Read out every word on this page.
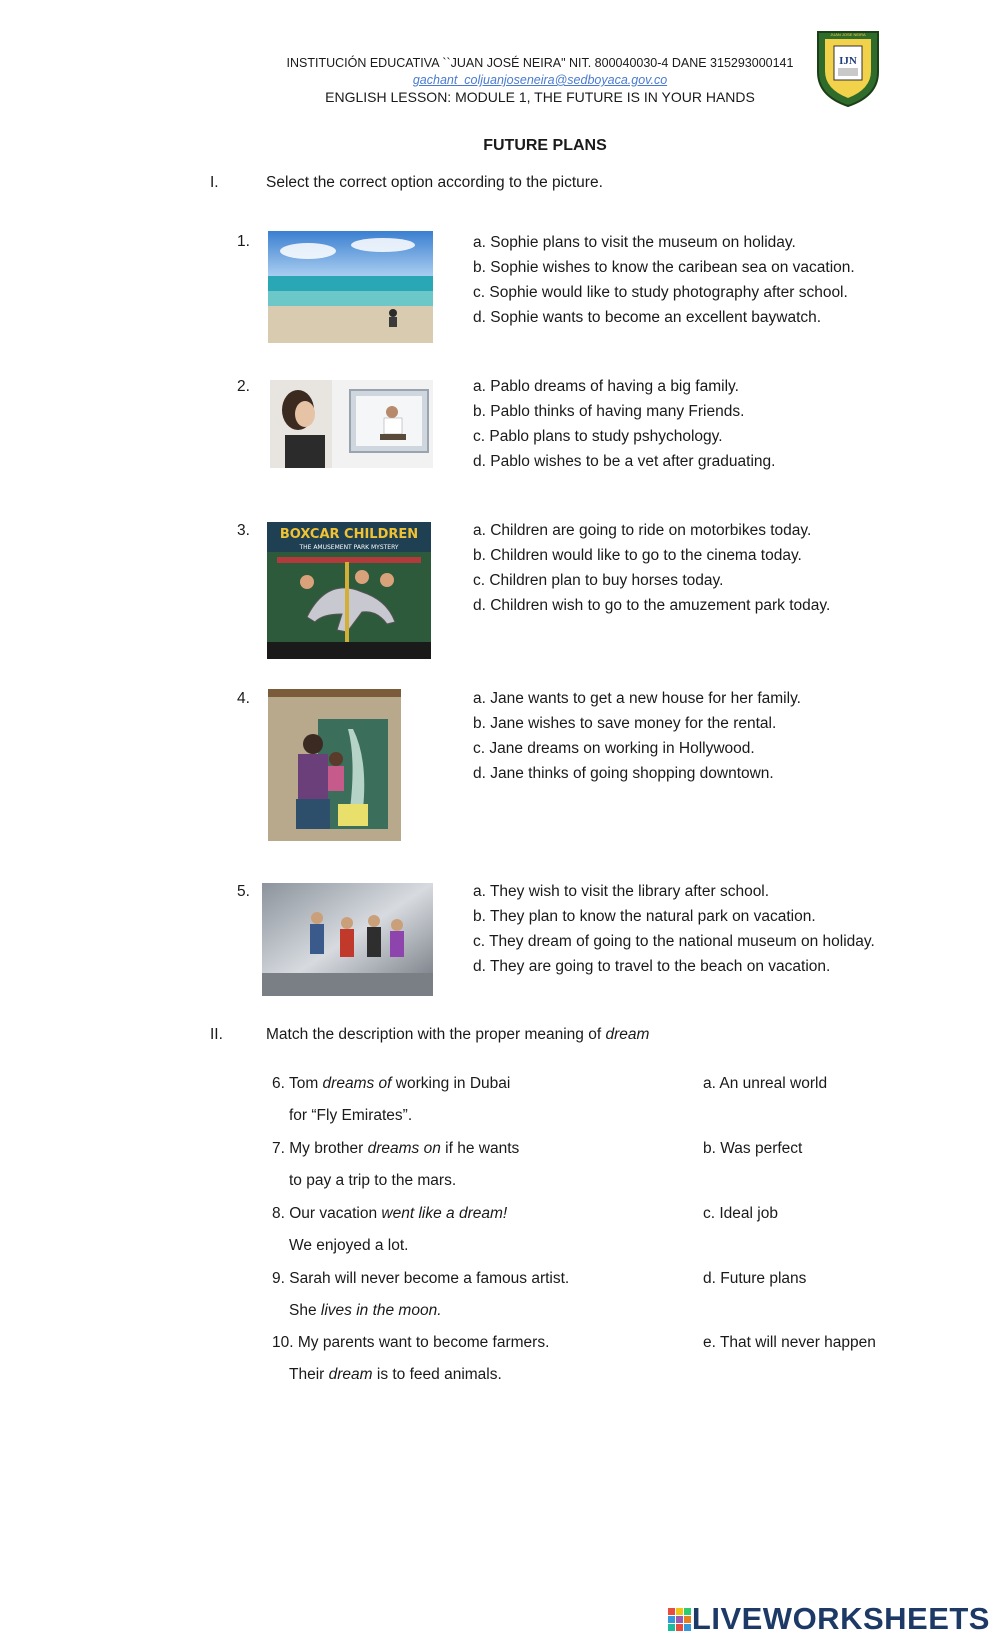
INSTITUCIÓN EDUCATIVA ``JUAN JOSÉ NEIRA" NIT. 800040030-4 DANE 315293000141
gachant_coljuanjoseneira@sedboyaca.gov.co
ENGLISH LESSON: MODULE 1, THE FUTURE IS IN YOUR HANDS
IJN
JUAN JOSE NEIRA
FUTURE PLANS
I.	Select the correct option according to the picture.
1.	a. Sophie plans to visit the museum on holiday.
b. Sophie wishes to know the caribean sea on vacation.
c. Sophie would like to study photography after school.
d. Sophie wants to become an excellent baywatch.
2.	a. Pablo dreams of having a big family.
b. Pablo thinks of having many Friends.
c. Pablo plans to study pshychology.
d. Pablo wishes to be a vet after graduating.
3. BOXCAR CHILDREN
THE AMUSEMENT PARK MYSTERY
a. Children are going to ride on motorbikes today.
b. Children would like to go to the cinema today.
c. Children plan to buy horses today.
d. Children wish to go to the amuzement park today.
4.	a. Jane wants to get a new house for her family.
b. Jane wishes to save money for the rental.
c. Jane dreams on working in Hollywood.
d. Jane thinks of going shopping downtown.
5.	a. They wish to visit the library after school.
b. They plan to know the natural park on vacation.
c. They dream of going to the national museum on holiday.
d. They are going to travel to the beach on vacation.
II.	Match the description with the proper meaning of dream
6. Tom dreams of working in Dubai
for “Fly Emirates”.
a. An unreal world
7. My brother dreams on if he wants
to pay a trip to the mars.
b. Was perfect
8. Our vacation went like a dream!
We enjoyed a lot.
c. Ideal job
9. Sarah will never become a famous artist.
She lives in the moon.
d. Future plans
10. My parents want to become farmers.
Their dream is to feed animals.
e. That will never happen
LIVEWORKSHEETS
